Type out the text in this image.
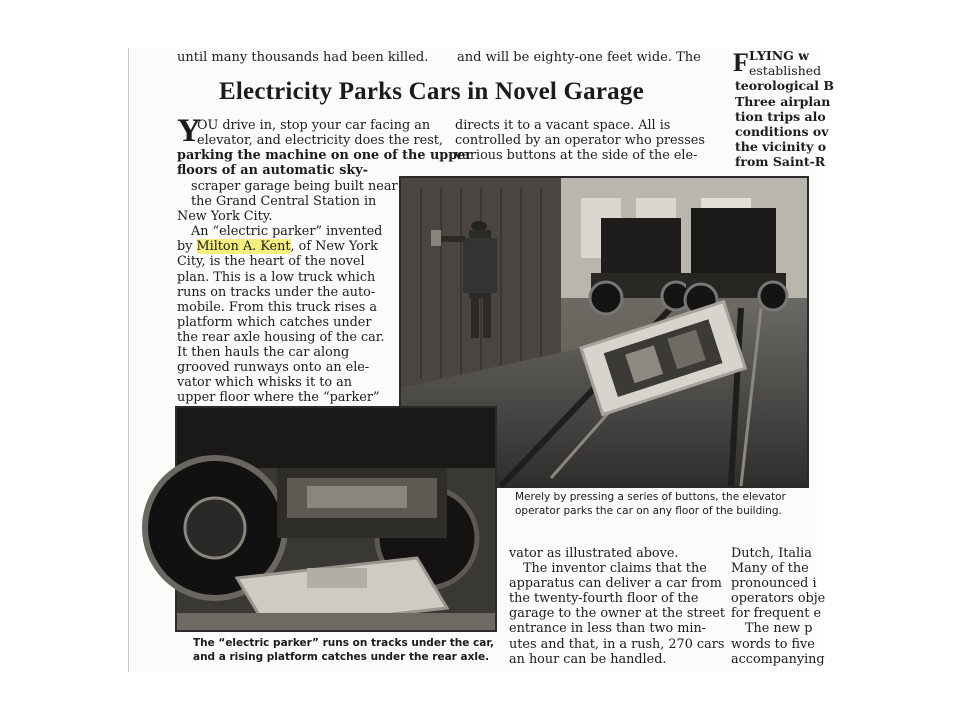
until many thousands had been killed. and will be eighty-one feet wide. The	LYING w
established
teorological B
Three airplan
tion trips alo
conditions ov
the vicinity o
from Saint-R
F
Electricity Parks Cars in Novel Garage
Y
OU drive in, stop your car facing an
elevator, and electricity does the rest,
parking the machine on one of the upper
floors of an automatic sky-
scraper garage being built near
the Grand Central Station in
New York City.
An “electric parker” invented
by Milton A. Kent, of New York
City, is the heart of the novel
plan. This is a low truck which
runs on tracks under the auto-
mobile. From this truck rises a
platform which catches under
the rear axle housing of the car.
It then hauls the car along
grooved runways onto an ele-
vator which whisks it to an
upper floor where the “parker”
directs it to a vacant space. All is
controlled by an operator who presses
various buttons at the side of the ele-
Merely by pressing a series of buttons, the elevator
operator parks the car on any floor of the building.
The “electric parker” runs on tracks under the car,
and a rising platform catches under the rear axle.
vator as illustrated above.
The inventor claims that the
apparatus can deliver a car from
the twenty-fourth floor of the
garage to the owner at the street
entrance in less than two min-
utes and that, in a rush, 270 cars
an hour can be handled.
Dutch, Italia
Many of the
pronounced i
operators obje
for frequent e
The new p
words to five
accompanying
